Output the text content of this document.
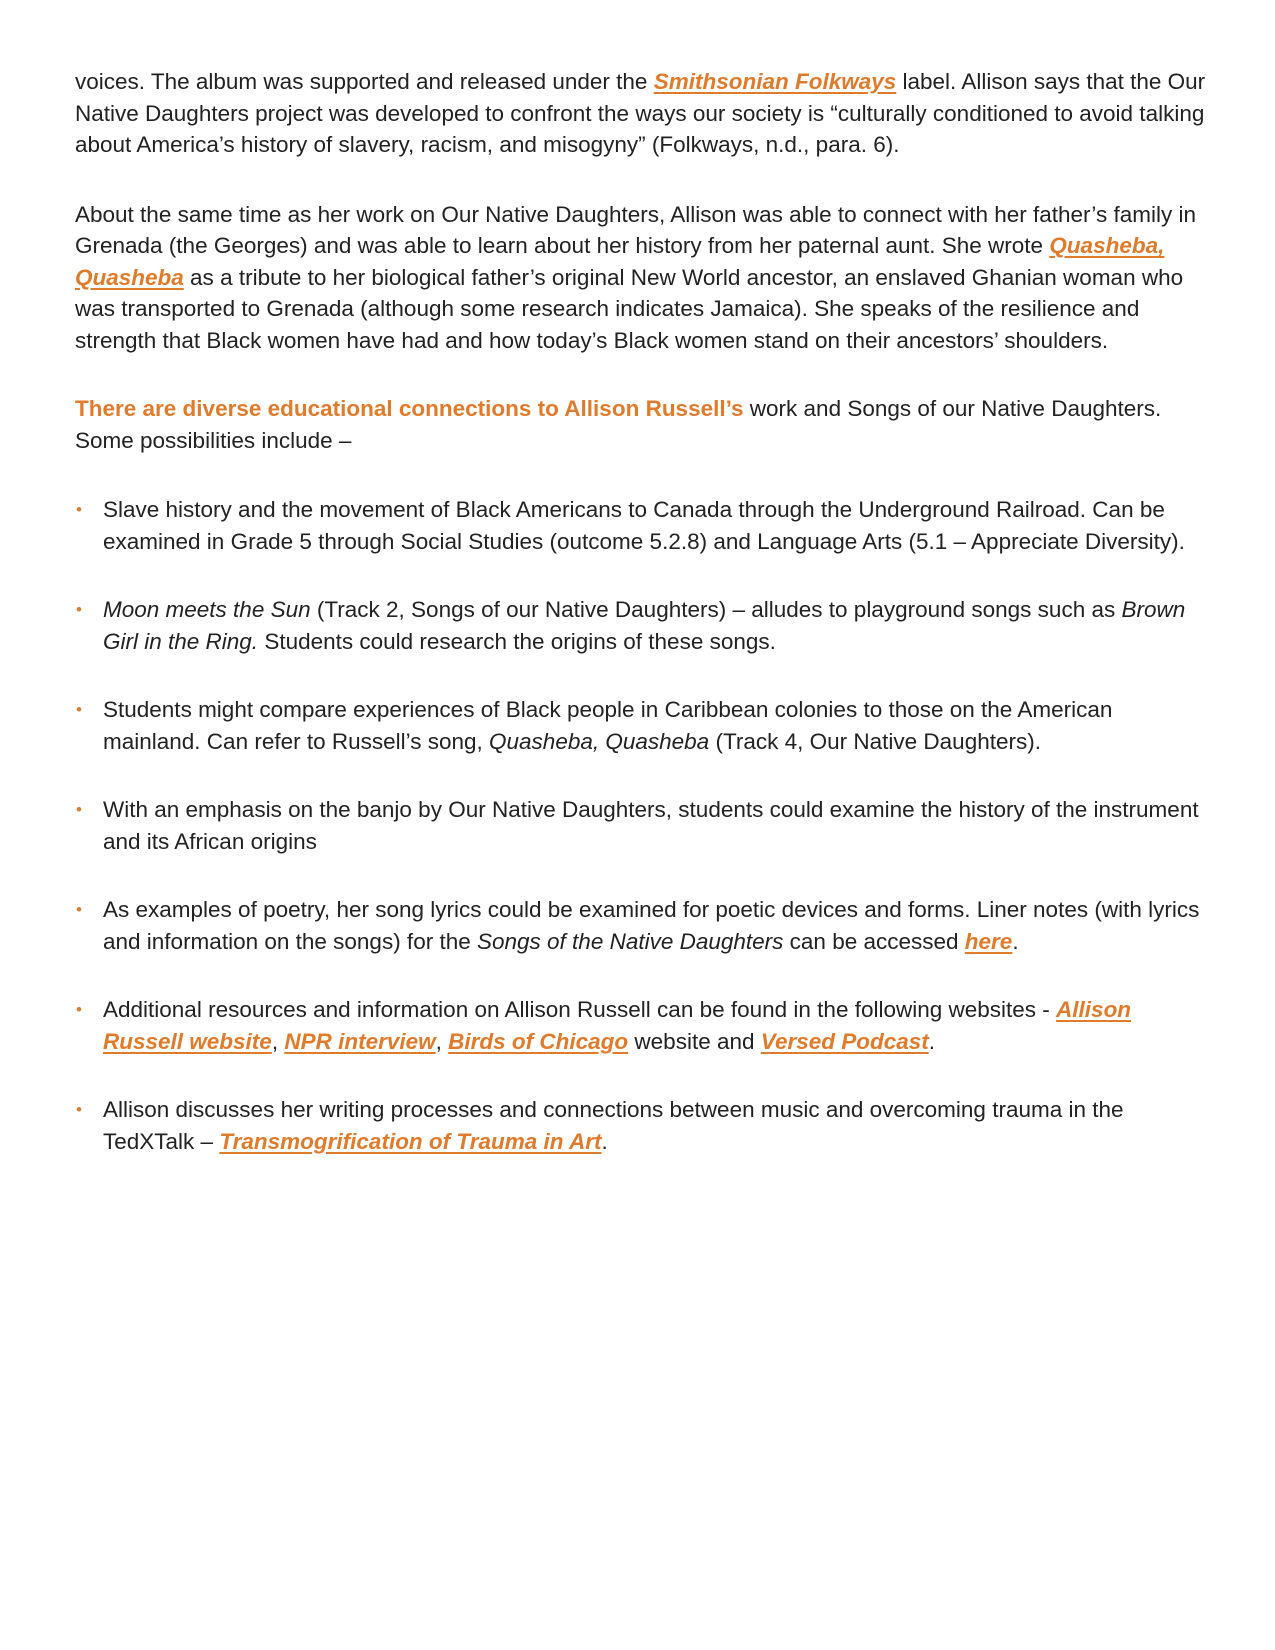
voices. The album was supported and released under the Smithsonian Folkways label. Allison says that the Our Native Daughters project was developed to confront the ways our society is “culturally conditioned to avoid talking about America’s history of slavery, racism, and misogyny” (Folkways, n.d., para. 6).

About the same time as her work on Our Native Daughters, Allison was able to connect with her father’s family in Grenada (the Georges) and was able to learn about her history from her paternal aunt. She wrote Quasheba, Quasheba as a tribute to her biological father’s original New World ancestor, an enslaved Ghanian woman who was transported to Grenada (although some research indicates Jamaica). She speaks of the resilience and strength that Black women have had and how today’s Black women stand on their ancestors’ shoulders.

There are diverse educational connections to Allison Russell’s work and Songs of our Native Daughters. Some possibilities include –

• Slave history and the movement of Black Americans to Canada through the Underground Railroad. Can be examined in Grade 5 through Social Studies (outcome 5.2.8) and Language Arts (5.1 – Appreciate Diversity).
• Moon meets the Sun (Track 2, Songs of our Native Daughters) – alludes to playground songs such as Brown Girl in the Ring. Students could research the origins of these songs.
• Students might compare experiences of Black people in Caribbean colonies to those on the American mainland. Can refer to Russell’s song, Quasheba, Quasheba (Track 4, Our Native Daughters).
• With an emphasis on the banjo by Our Native Daughters, students could examine the history of the instrument and its African origins
• As examples of poetry, her song lyrics could be examined for poetic devices and forms. Liner notes (with lyrics and information on the songs) for the Songs of the Native Daughters can be accessed here.
• Additional resources and information on Allison Russell can be found in the following websites - Allison Russell website, NPR interview, Birds of Chicago website and Versed Podcast.
• Allison discusses her writing processes and connections between music and overcoming trauma in the TedXTalk – Transmogrification of Trauma in Art.
